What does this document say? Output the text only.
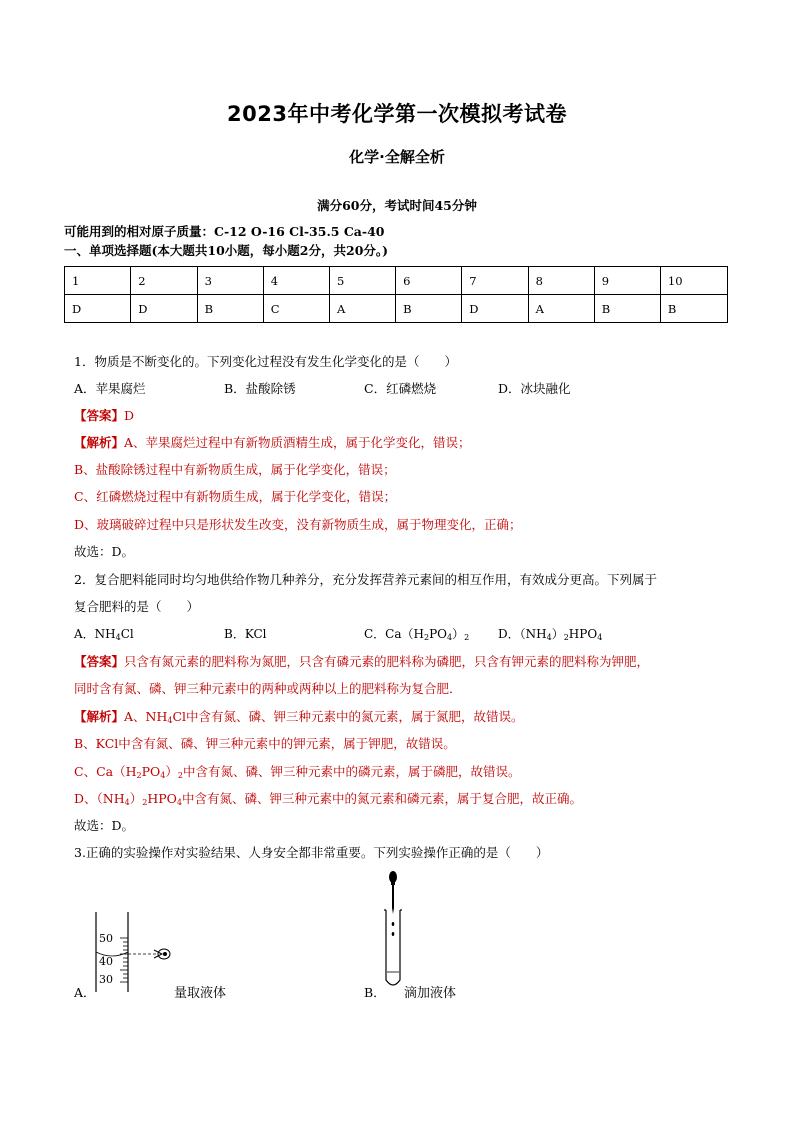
2023年中考化学第一次模拟考试卷
化学·全解全析
满分60分，考试时间45分钟
可能用到的相对原子质量：C-12 O-16 Cl-35.5 Ca-40
一、单项选择题(本大题共10小题，每小题2分，共20分。)
1	2	3	4	5	6	7	8	9	10
D	D	B	C	A	B	D	A	B	B
1．物质是不断变化的。下列变化过程没有发生化学变化的是（　　）
A．苹果腐烂	B．盐酸除锈	C．红磷燃烧	D．冰块融化
【答案】D
【解析】A、苹果腐烂过程中有新物质酒精生成，属于化学变化，错误；
B、盐酸除锈过程中有新物质生成，属于化学变化，错误；
C、红磷燃烧过程中有新物质生成，属于化学变化，错误；
D、玻璃破碎过程中只是形状发生改变，没有新物质生成，属于物理变化，正确；
故选：D。
2．复合肥料能同时均匀地供给作物几种养分，充分发挥营养元素间的相互作用，有效成分更高。下列属于
复合肥料的是（　　）
A．$NH_4Cl$	B．KCl	C．$Ca(H_2PO_4)_2$ D．$(NH_4)_2HPO_4$
【答案】只含有氮元素的肥料称为氮肥，只含有磷元素的肥料称为磷肥，只含有钾元素的肥料称为钾肥，
同时含有氮、磷、钾三种元素中的两种或两种以上的肥料称为复合肥．
【解析】A、$NH_4Cl$中含有氮、磷、钾三种元素中的氮元素，属于氮肥，故错误。
B、KCl中含有氮、磷、钾三种元素中的钾元素，属于钾肥，故错误。
C、$Ca(H_2PO_4)_2$中含有氮、磷、钾三种元素中的磷元素，属于磷肥，故错误。
D、$(NH_4)_2HPO_4$中含有氮、磷、钾三种元素中的氮元素和磷元素，属于复合肥，故正确。
故选：D。
3.正确的实验操作对实验结果、人身安全都非常重要。下列实验操作正确的是（　　）
50
40
30
A．	量取液体	B． 滴加液体
